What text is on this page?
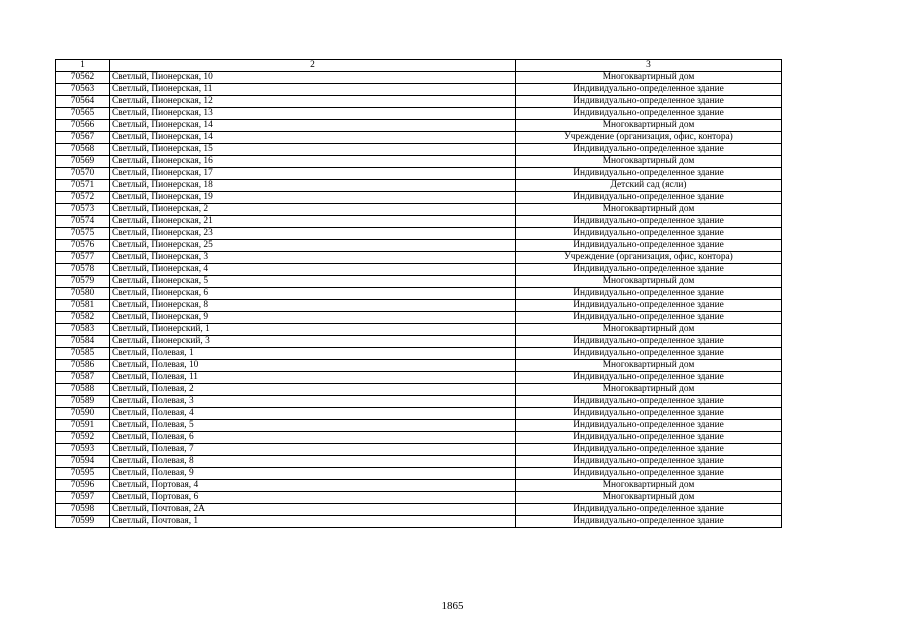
1	2	3
70562	Светлый, Пионерская, 10	Многоквартирный дом
70563	Светлый, Пионерская, 11	Индивидуально-определенное здание
70564	Светлый, Пионерская, 12	Индивидуально-определенное здание
70565	Светлый, Пионерская, 13	Индивидуально-определенное здание
70566	Светлый, Пионерская, 14	Многоквартирный дом
70567	Светлый, Пионерская, 14	Учреждение (организация, офис, контора)
70568	Светлый, Пионерская, 15	Индивидуально-определенное здание
70569	Светлый, Пионерская, 16	Многоквартирный дом
70570	Светлый, Пионерская, 17	Индивидуально-определенное здание
70571	Светлый, Пионерская, 18	Детский сад (ясли)
70572	Светлый, Пионерская, 19	Индивидуально-определенное здание
70573	Светлый, Пионерская, 2	Многоквартирный дом
70574	Светлый, Пионерская, 21	Индивидуально-определенное здание
70575	Светлый, Пионерская, 23	Индивидуально-определенное здание
70576	Светлый, Пионерская, 25	Индивидуально-определенное здание
70577	Светлый, Пионерская, 3	Учреждение (организация, офис, контора)
70578	Светлый, Пионерская, 4	Индивидуально-определенное здание
70579	Светлый, Пионерская, 5	Многоквартирный дом
70580	Светлый, Пионерская, 6	Индивидуально-определенное здание
70581	Светлый, Пионерская, 8	Индивидуально-определенное здание
70582	Светлый, Пионерская, 9	Индивидуально-определенное здание
70583	Светлый, Пионерский, 1	Многоквартирный дом
70584	Светлый, Пионерский, 3	Индивидуально-определенное здание
70585	Светлый, Полевая, 1	Индивидуально-определенное здание
70586	Светлый, Полевая, 10	Многоквартирный дом
70587	Светлый, Полевая, 11	Индивидуально-определенное здание
70588	Светлый, Полевая, 2	Многоквартирный дом
70589	Светлый, Полевая, 3	Индивидуально-определенное здание
70590	Светлый, Полевая, 4	Индивидуально-определенное здание
70591	Светлый, Полевая, 5	Индивидуально-определенное здание
70592	Светлый, Полевая, 6	Индивидуально-определенное здание
70593	Светлый, Полевая, 7	Индивидуально-определенное здание
70594	Светлый, Полевая, 8	Индивидуально-определенное здание
70595	Светлый, Полевая, 9	Индивидуально-определенное здание
70596	Светлый, Портовая, 4	Многоквартирный дом
70597	Светлый, Портовая, 6	Многоквартирный дом
70598	Светлый, Почтовая, 2А	Индивидуально-определенное здание
70599	Светлый, Почтовая, 1	Индивидуально-определенное здание
1865
